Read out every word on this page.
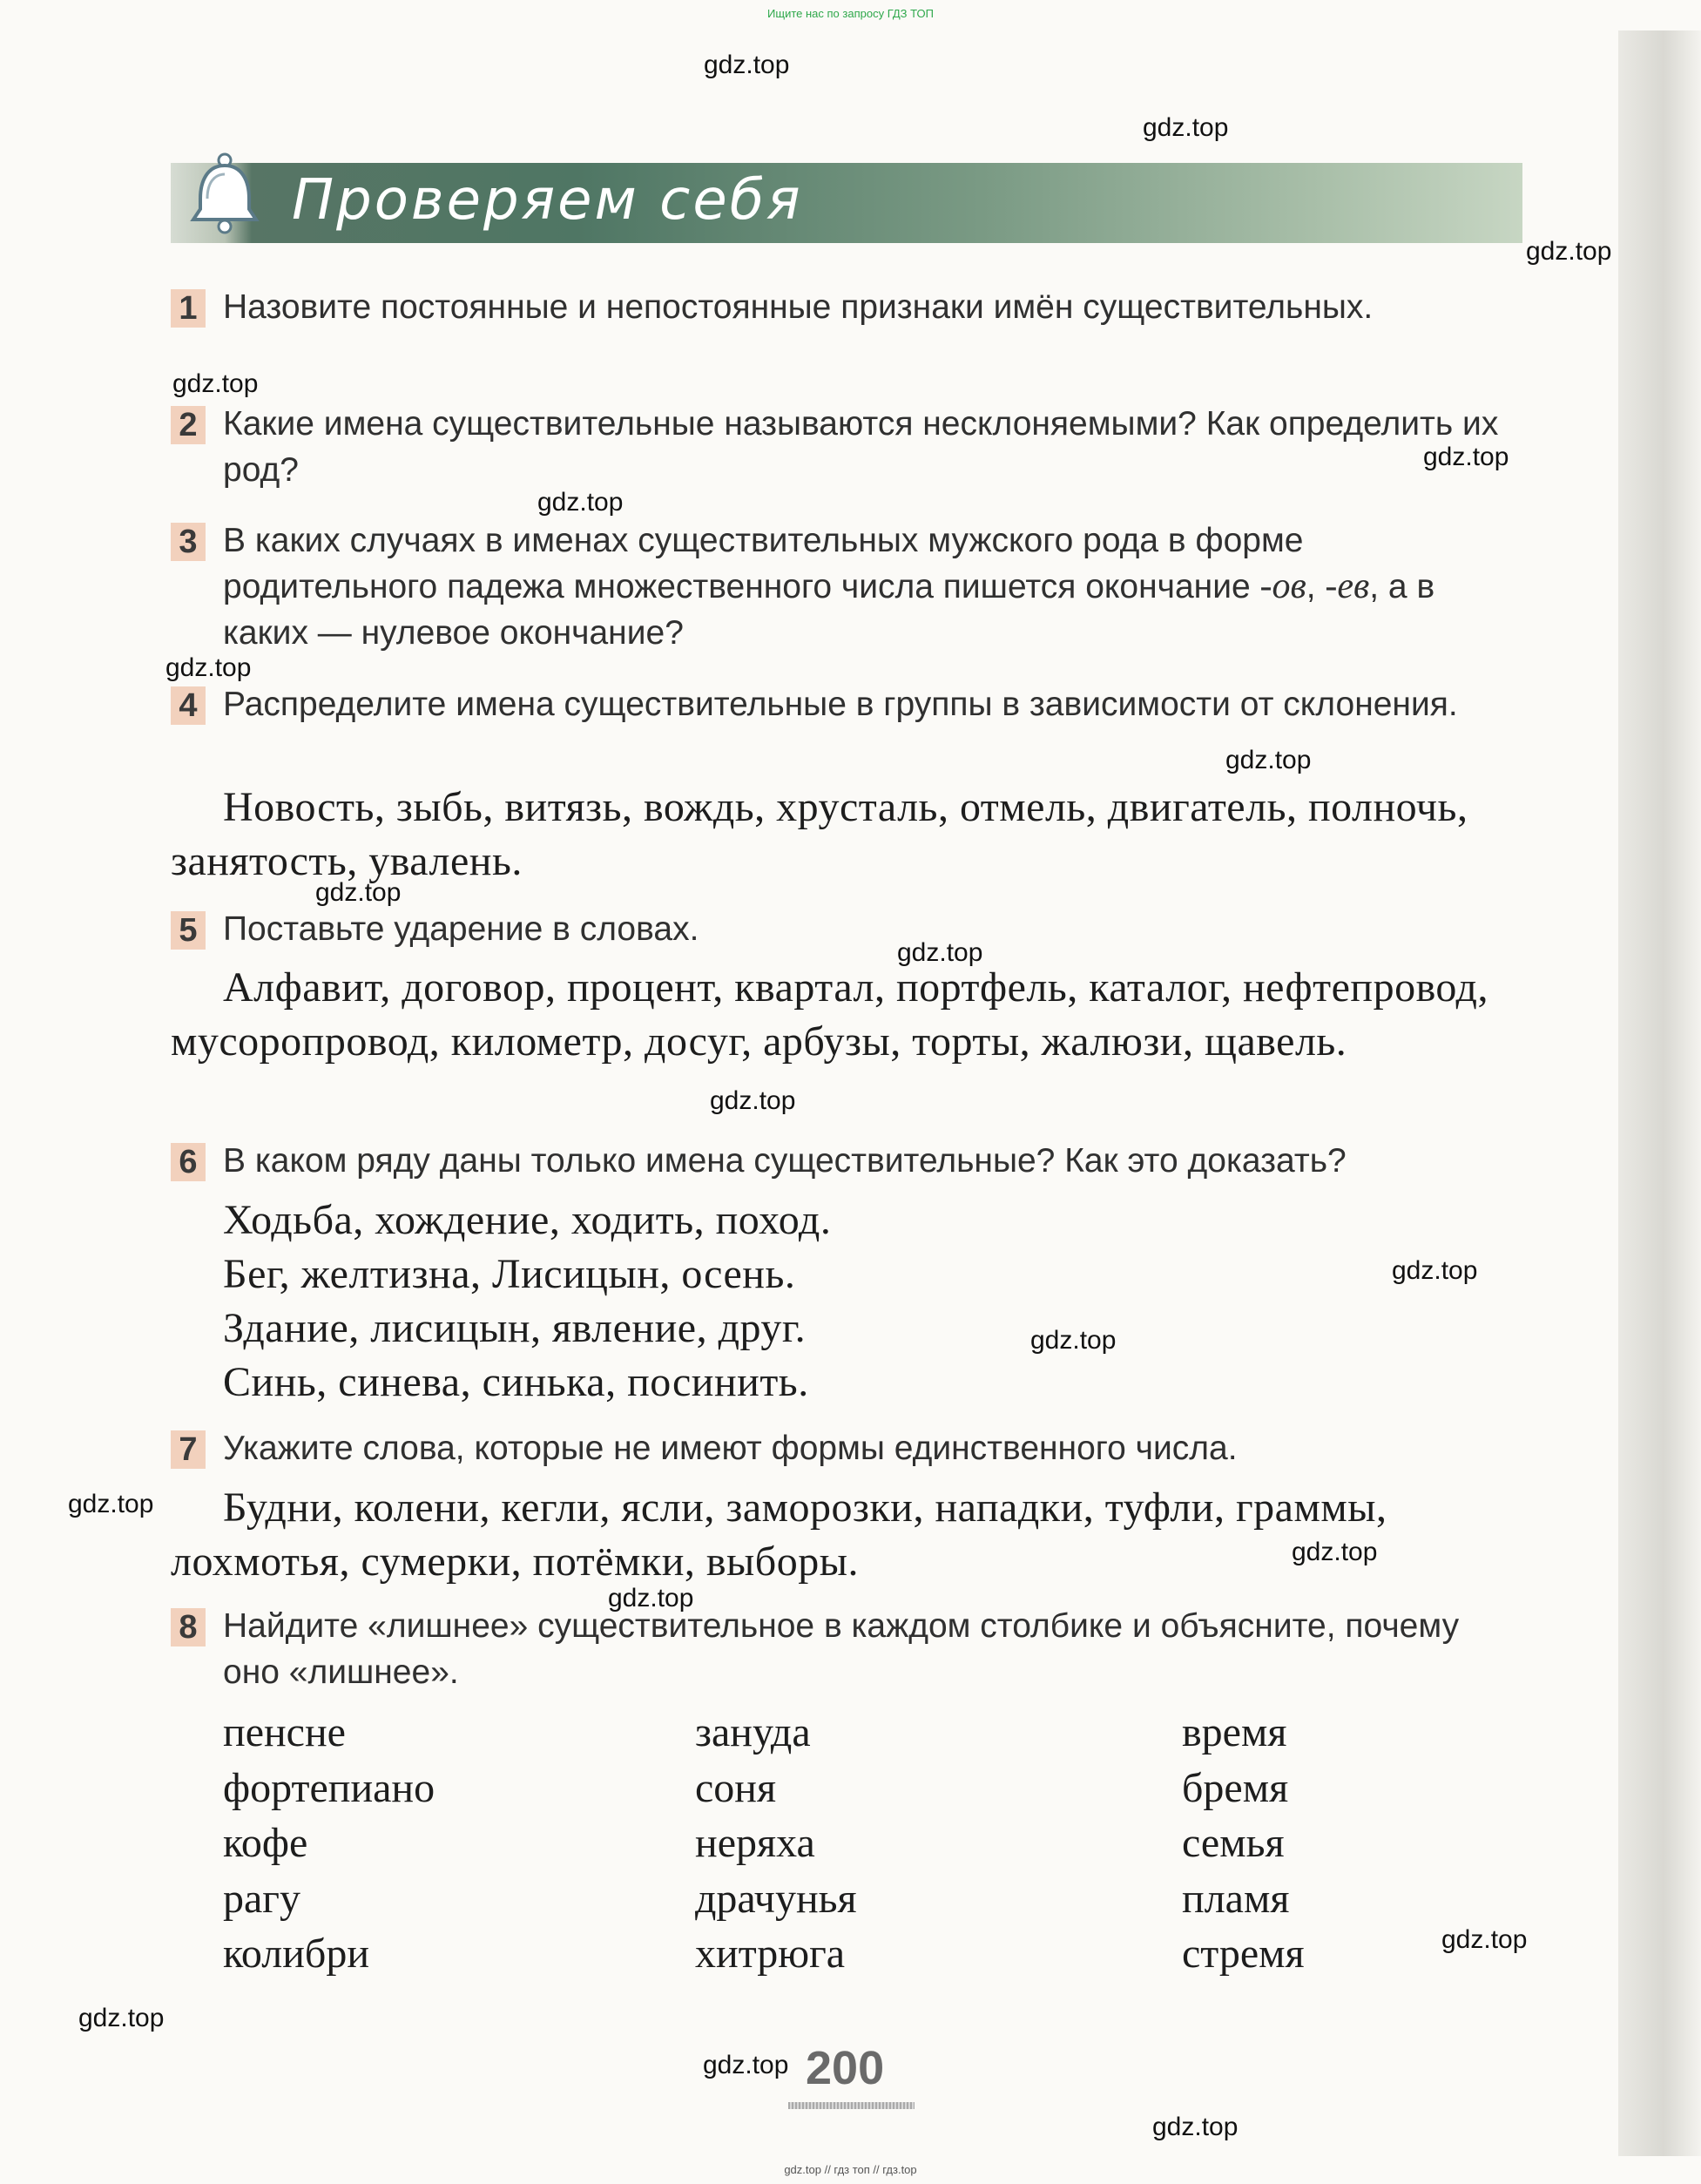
Ищите нас по запросу ГДЗ ТОП
gdz.top
gdz.top
gdz.top
gdz.top
gdz.top
gdz.top
gdz.top
gdz.top
gdz.top
gdz.top
gdz.top
gdz.top
gdz.top
gdz.top
gdz.top
gdz.top
gdz.top
gdz.top
gdz.top
gdz.top
Проверяем себя
1 Назовите постоянные и непостоянные признаки имён существительных.
2 Какие имена существительные называются несклоняемыми? Как определить их род?
3 В каких случаях в именах существительных мужского рода в форме родительного падежа множественного числа пишется окончание -ов, -ев, а в каких — нулевое окончание?
4 Распределите имена существительные в группы в зависимости от склонения.
Новость, зыбь, витязь, вождь, хрусталь, отмель, двигатель, полночь, занятость, увалень.
5 Поставьте ударение в словах.
Алфавит, договор, процент, квартал, портфель, каталог, нефтепровод, мусоропровод, километр, досуг, арбузы, торты, жалюзи, щавель.
6 В каком ряду даны только имена существительные? Как это доказать?
Ходьба, хождение, ходить, поход.
Бег, желтизна, Лисицын, осень.
Здание, лисицын, явление, друг.
Синь, синева, синька, посинить.
7 Укажите слова, которые не имеют формы единственного числа.
Будни, колени, кегли, ясли, заморозки, нападки, туфли, граммы, лохмотья, сумерки, потёмки, выборы.
8 Найдите «лишнее» существительное в каждом столбике и объясните, почему оно «лишнее».
пенсне
фортепиано
кофе
рагу
колибри
зануда
соня
неряха
драчунья
хитрюга
время
бремя
семья
пламя
стремя
200
gdz.top // гдз топ // гдз.top
